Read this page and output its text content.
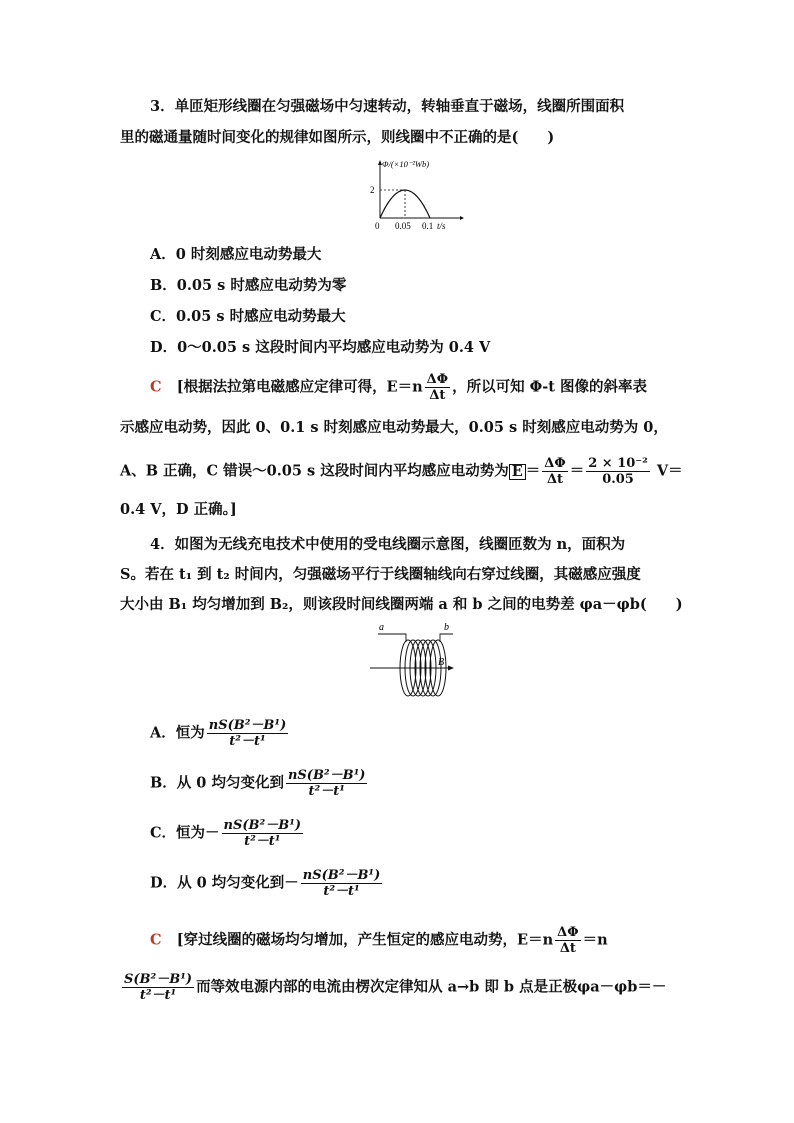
3．单匝矩形线圈在匀强磁场中匀速转动，转轴垂直于磁场，线圈所围面积
里的磁通量随时间变化的规律如图所示，则线圈中不正确的是(　　)
Φ/(×10⁻²Wb)
2
0 0.05 0.1 t/s
A．0 时刻感应电动势最大
B．0.05 s 时感应电动势为零
C．0.05 s 时感应电动势最大
D．0～0.05 s 这段时间内平均感应电动势为 0.4 V
C [根据法拉第电磁感应定律可得，$E=n \frac{\Delta\Phi}{\Delta t}$ ，所以可知 Φ-t 图像的斜率表
示感应电动势，因此 0、0.1 s 时刻感应电动势最大，0.05 s 时刻感应电动势为 0，
A、B 正确，C 错误～0.05 s 这段时间内平均感应电动势为 $E = \frac{\Delta\Phi}{\Delta t} = \frac{\text{2 × 10⁻²}}{0.05} V=$
0.4 V，D 正确。]
4．如图为无线充电技术中使用的受电线圈示意图，线圈匝数为 n，面积为
S。若在 t₁ 到 t₂ 时间内，匀强磁场平行于线圈轴线向右穿过线圈，其磁感应强度
大小由 B₁ 均匀增加到 B₂，则该段时间线圈两端 a 和 b 之间的电势差 φa－φb(　　)
a	b
B
A．恒为 $\frac{\text{nS(B²－B¹)}}{\text{t²－t¹}}$
B．从 0 均匀变化到 $\frac{\text{nS(B²－B¹)}}{\text{t²－t¹}}$
C．恒为－ $\frac{\text{nS(B²－B¹)}}{\text{t²－t¹}}$
D．从 0 均匀变化到－ $\frac{\text{nS(B²－B¹)}}{\text{t²－t¹}}$
C [穿过线圈的磁场均匀增加，产生恒定的感应电动势，$E=n \frac{\Delta\Phi}{\Delta t} =n$
$\frac{\text{S(B²－B¹)}}{\text{t²－t¹}}$ 而等效电源内部的电流由楞次定律知从 a→b 即 b 点是正极φa－φb＝－
